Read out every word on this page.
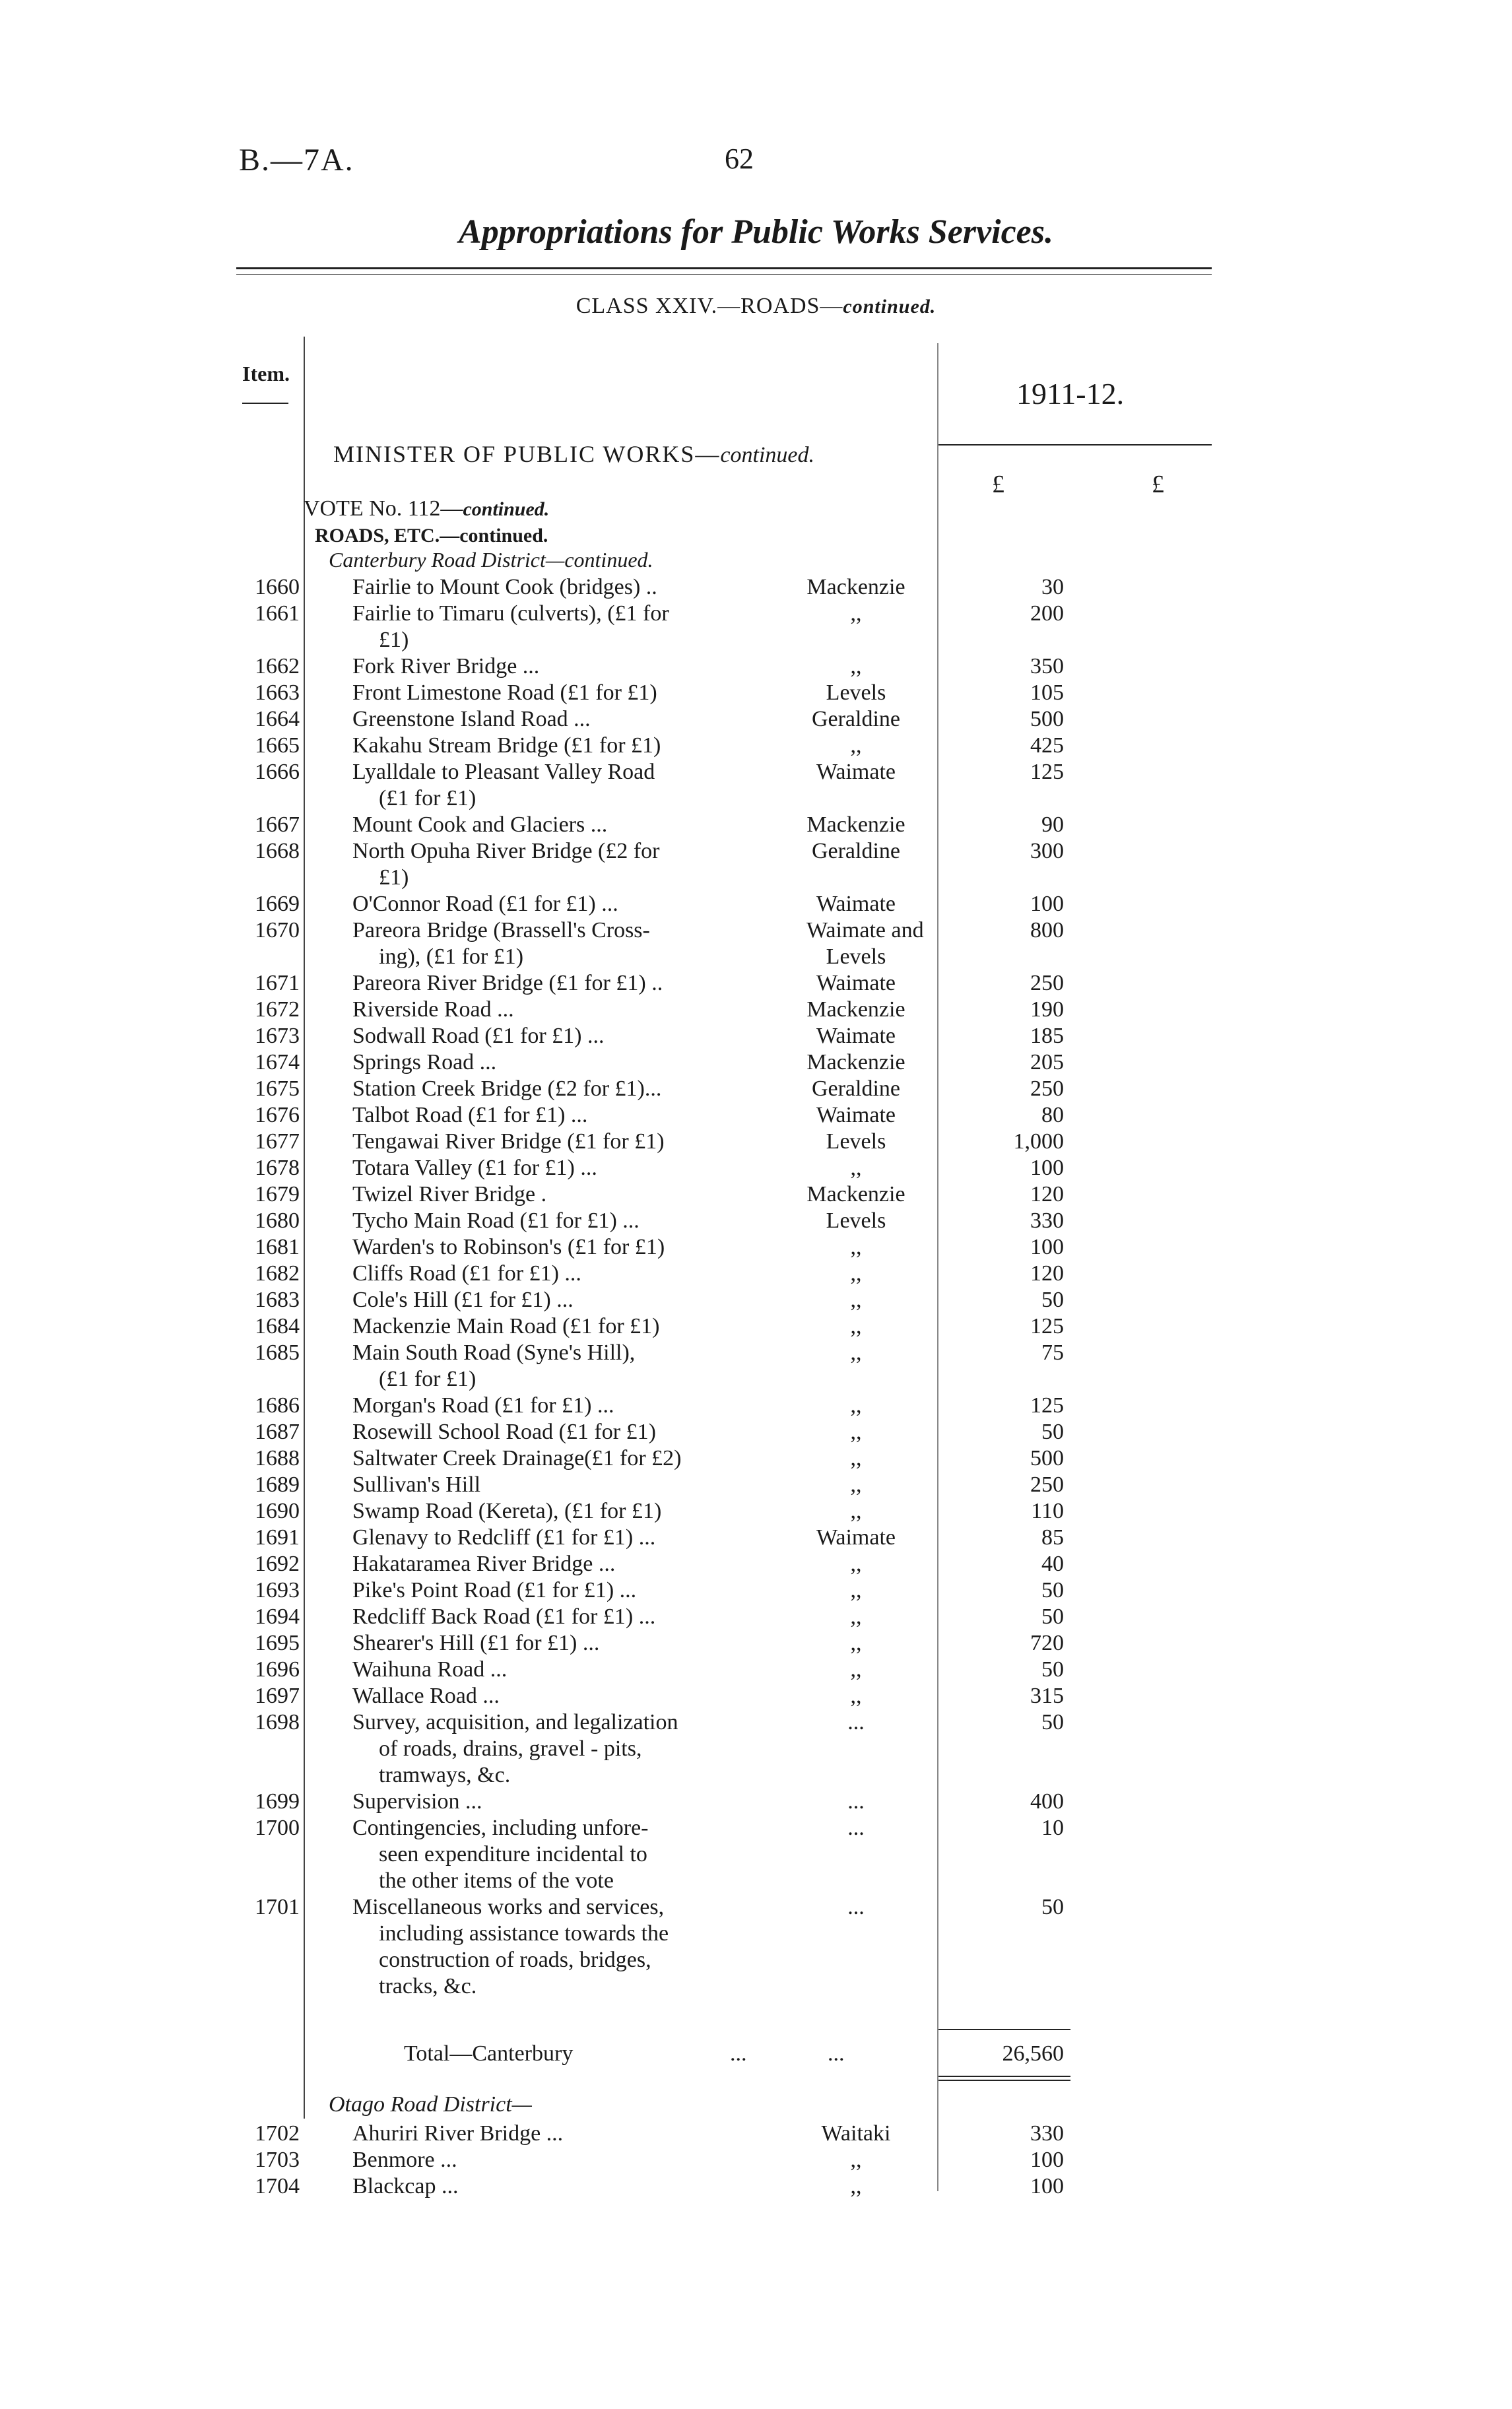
B.—7A.	62
Appropriations for Public Works Services.
CLASS XXIV.—ROADS—continued.
Item.
1911-12.
MINISTER OF PUBLIC WORKS—continued.
£	£
VOTE No. 112—continued.
ROADS, ETC.—continued.
Canterbury Road District—continued.
1660 Fairlie to Mount Cook (bridges) ..	Mackenzie	30
1661 Fairlie to Timaru (culverts), (£1 for	,,	200
£1)
1662 Fork River Bridge ...	,,	350
1663 Front Limestone Road (£1 for £1)	Levels	105
1664 Greenstone Island Road ...	Geraldine	500
1665 Kakahu Stream Bridge (£1 for £1)	,,	425
1666 Lyalldale to Pleasant Valley Road	Waimate	125
(£1 for £1)
1667 Mount Cook and Glaciers ...	Mackenzie	90
1668 North Opuha River Bridge (£2 for	Geraldine	300
£1)
1669 O'Connor Road (£1 for £1) ...	Waimate	100
1670 Pareora Bridge (Brassell's Cross-	Waimate and	800
ing), (£1 for £1)	Levels
1671 Pareora River Bridge (£1 for £1) ..	Waimate	250
1672 Riverside Road ...	Mackenzie	190
1673 Sodwall Road (£1 for £1) ...	Waimate	185
1674 Springs Road ...	Mackenzie	205
1675 Station Creek Bridge (£2 for £1)...	Geraldine	250
1676 Talbot Road (£1 for £1) ...	Waimate	80
1677 Tengawai River Bridge (£1 for £1)	Levels	1,000
1678 Totara Valley (£1 for £1) ...	,,	100
1679 Twizel River Bridge .	Mackenzie	120
1680 Tycho Main Road (£1 for £1) ...	Levels	330
1681 Warden's to Robinson's (£1 for £1)	,,	100
1682 Cliffs Road (£1 for £1) ...	,,	120
1683 Cole's Hill (£1 for £1) ...	,,	50
1684 Mackenzie Main Road (£1 for £1)	,,	125
1685 Main South Road (Syne's Hill),	,,	75
(£1 for £1)
1686 Morgan's Road (£1 for £1) ...	,,	125
1687 Rosewill School Road (£1 for £1)	,,	50
1688 Saltwater Creek Drainage(£1 for £2)	,,	500
1689 Sullivan's Hill	,,	250
1690 Swamp Road (Kereta), (£1 for £1)	,,	110
1691 Glenavy to Redcliff (£1 for £1) ...	Waimate	85
1692 Hakataramea River Bridge ...	,,	40
1693 Pike's Point Road (£1 for £1) ...	,,	50
1694 Redcliff Back Road (£1 for £1) ...	,,	50
1695 Shearer's Hill (£1 for £1) ...	,,	720
1696 Waihuna Road ...	,,	50
1697 Wallace Road ...	,,	315
1698 Survey, acquisition, and legalization	...	50
of roads, drains, gravel - pits,
tramways, &c.
1699 Supervision ...	...	400
1700 Contingencies, including unfore-	...	10
seen expenditure incidental to
the other items of the vote
1701 Miscellaneous works and services,	...	50
including assistance towards the
construction of roads, bridges,
tracks, &c.
1702 Ahuriri River Bridge ...	Waitaki	330
1703 Benmore ...	,,	100
1704 Blackcap ...	,,	100
Total—Canterbury	...	...	26,560
Otago Road District—
